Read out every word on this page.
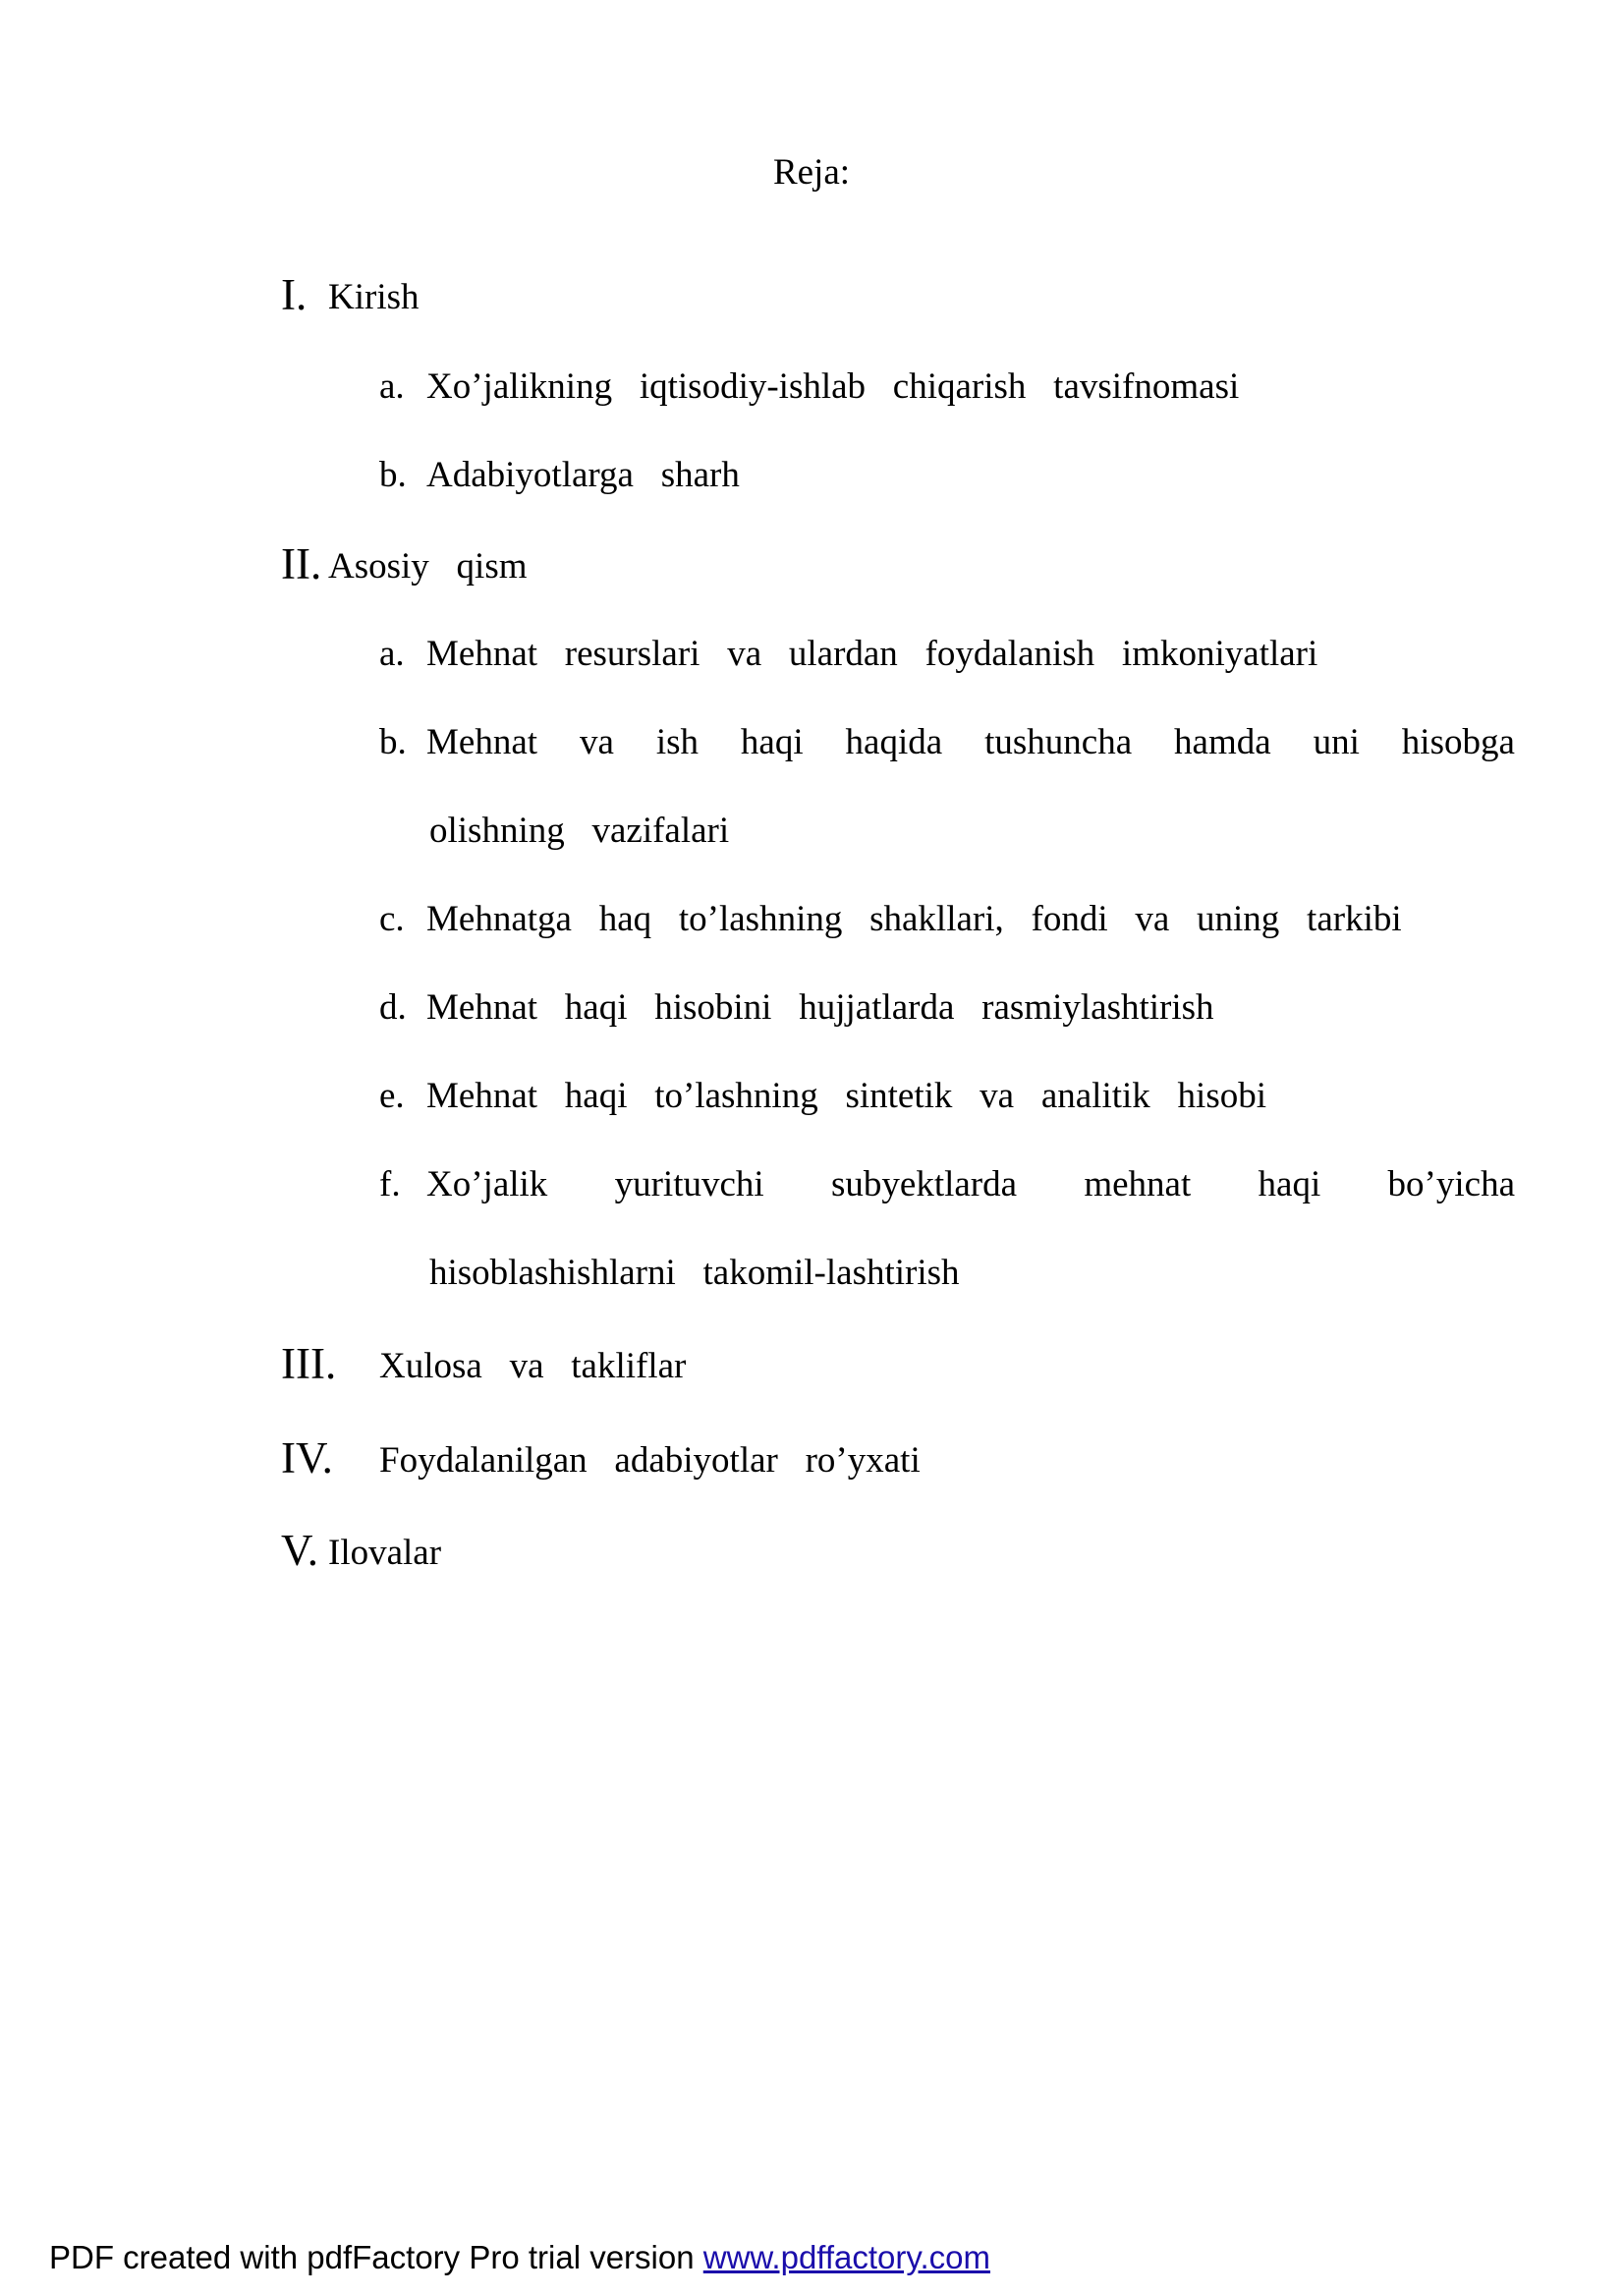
Reja:
I. Kirish
a. Xo’jalikning   iqtisodiy-ishlab   chiqarish   tavsifnomasi
b. Adabiyotlarga   sharh
II. Asosiy   qism
a. Mehnat   resurslari   va   ulardan   foydalanish   imkoniyatlari
b. Mehnat va ish haqi haqida tushuncha hamda uni hisobga
olishning   vazifalari
c. Mehnatga   haq   to’lashning   shakllari,   fondi   va   uning   tarkibi
d. Mehnat   haqi   hisobini   hujjatlarda   rasmiylashtirish
e. Mehnat   haqi   to’lashning   sintetik   va   analitik   hisobi
f. Xo’jalik yurituvchi subyektlarda mehnat haqi bo’yicha
hisoblashishlarni   takomil-lashtirish
III. Xulosa   va   takliflar
IV. Foydalanilgan   adabiyotlar   ro’yxati
V. Ilovalar
PDF created with pdfFactory Pro trial version www.pdffactory.com
